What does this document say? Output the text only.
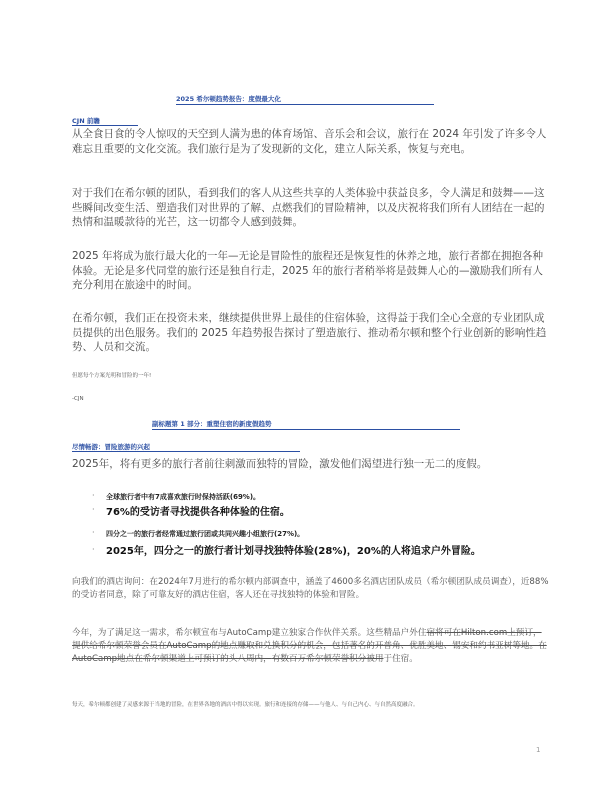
2025 希尔顿趋势报告：度假最大化
CJN 前瞻
从全食日食的令人惊叹的天空到人满为患的体育场馆、音乐会和会议，旅行在 2024 年引发了许多令人难忘且重要的文化交流。我们旅行是为了发现新的文化，建立人际关系，恢复与充电。
对于我们在希尔顿的团队，看到我们的客人从这些共享的人类体验中获益良多，令人满足和鼓舞——这些瞬间改变生活、塑造我们对世界的了解、点燃我们的冒险精神，以及庆祝将我们所有人团结在一起的热情和温暖款待的光芒，这一切都令人感到鼓舞。
2025 年将成为旅行最大化的一年—无论是冒险性的旅程还是恢复性的休养之地，旅行者都在拥抱各种体验。无论是多代同堂的旅行还是独自行走，2025 年的旅行者稍举将是鼓舞人心的—激励我们所有人充分利用在旅途中的时间。
在希尔顿，我们正在投资未来，继续提供世界上最佳的住宿体验，这得益于我们全心全意的专业团队成员提供的出色服务。我们的 2025 年趋势报告探讨了塑造旅行、推动希尔顿和整个行业创新的影响性趋势、人员和交流。
但愿每个方案光明和冒险的一年!
-CJN
副标题第 1 部分：重塑住宿的新度假趋势
尽情畅游：冒险旅游的兴起
2025年，将有更多的旅行者前往刺激而独特的冒险，激发他们渴望进行独一无二的度假。
· 全球旅行者中有7成喜欢旅行时保持活跃(69%)。
· 76%的受访者寻找提供各种体验的住宿。
· 四分之一的旅行者经常通过旅行团或共同兴趣小组旅行(27%)。
· 2025年，四分之一的旅行者计划寻找独特体验(28%)，20%的人将追求户外冒险。
向我们的酒店询问：在2024年7月进行的希尔顿内部调查中，涵盖了4600多名酒店团队成员（希尔顿团队成员调查），近88%的受访者同意，除了可靠友好的酒店住宿，客人还在寻找独特的体验和冒险。
今年，为了满足这一需求，希尔顿宣布与AutoCamp建立独家合作伙伴关系。这些精品户外住宿将可在Hilton.com上预订，提供给希尔顿荣誉会员在AutoCamp的地点赚取和兑换积分的机会，包括著名的开普角、优胜美地、锡安和约书亚树等地。在AutoCamp地点在希尔顿渠道上可预订的头八周内，有数百万希尔顿荣誉积分被用于住宿。
每天，希尔顿都创建了灵感来源于当地的冒险，在世界各地的酒店中得以实现。旅行和连接的存储——与他人、与自己内心、与自然高度融合。
1
